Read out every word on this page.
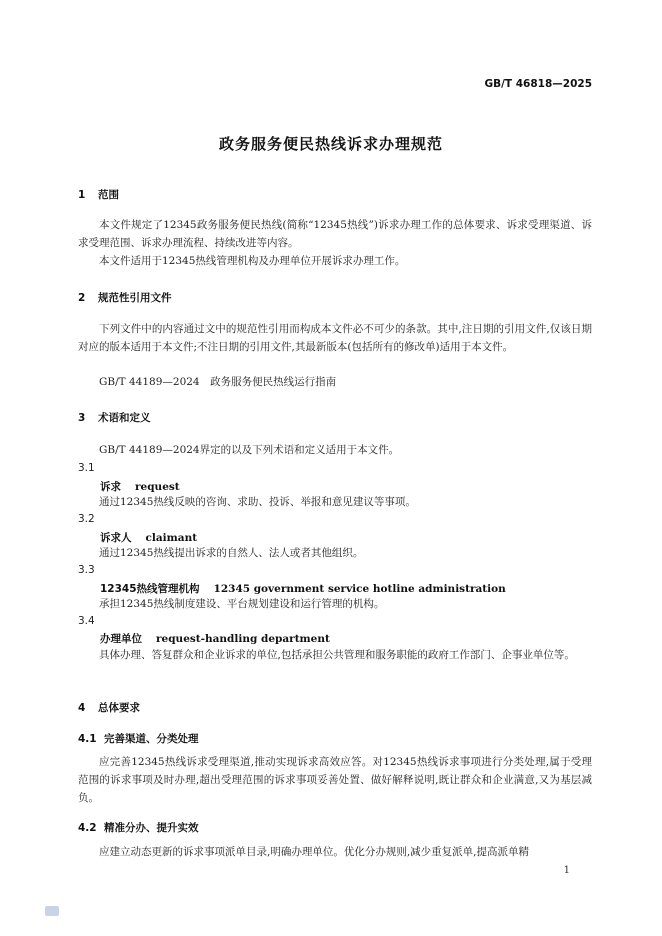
GB/T 46818—2025
政务服务便民热线诉求办理规范
1 范围
本文件规定了12345政务服务便民热线(简称“12345热线”)诉求办理工作的总体要求、诉求受理渠道、诉求受理范围、诉求办理流程、持续改进等内容。
本文件适用于12345热线管理机构及办理单位开展诉求办理工作。
2 规范性引用文件
下列文件中的内容通过文中的规范性引用而构成本文件必不可少的条款。其中,注日期的引用文件,仅该日期对应的版本适用于本文件;不注日期的引用文件,其最新版本(包括所有的修改单)适用于本文件。
GB/T 44189—2024　政务服务便民热线运行指南
3 术语和定义
GB/T 44189—2024界定的以及下列术语和定义适用于本文件。
3.1
诉求 request
通过12345热线反映的咨询、求助、投诉、举报和意见建议等事项。
3.2
诉求人 claimant
通过12345热线提出诉求的自然人、法人或者其他组织。
3.3
12345热线管理机构 12345 government service hotline administration
承担12345热线制度建设、平台规划建设和运行管理的机构。
3.4
办理单位 request-handling department
具体办理、答复群众和企业诉求的单位,包括承担公共管理和服务职能的政府工作部门、企事业单位等。
4 总体要求
4.1 完善渠道、分类处理
应完善12345热线诉求受理渠道,推动实现诉求高效应答。对12345热线诉求事项进行分类处理,属于受理范围的诉求事项及时办理,超出受理范围的诉求事项妥善处置、做好解释说明,既让群众和企业满意,又为基层减负。
4.2 精准分办、提升实效
应建立动态更新的诉求事项派单目录,明确办理单位。优化分办规则,减少重复派单,提高派单精
1
